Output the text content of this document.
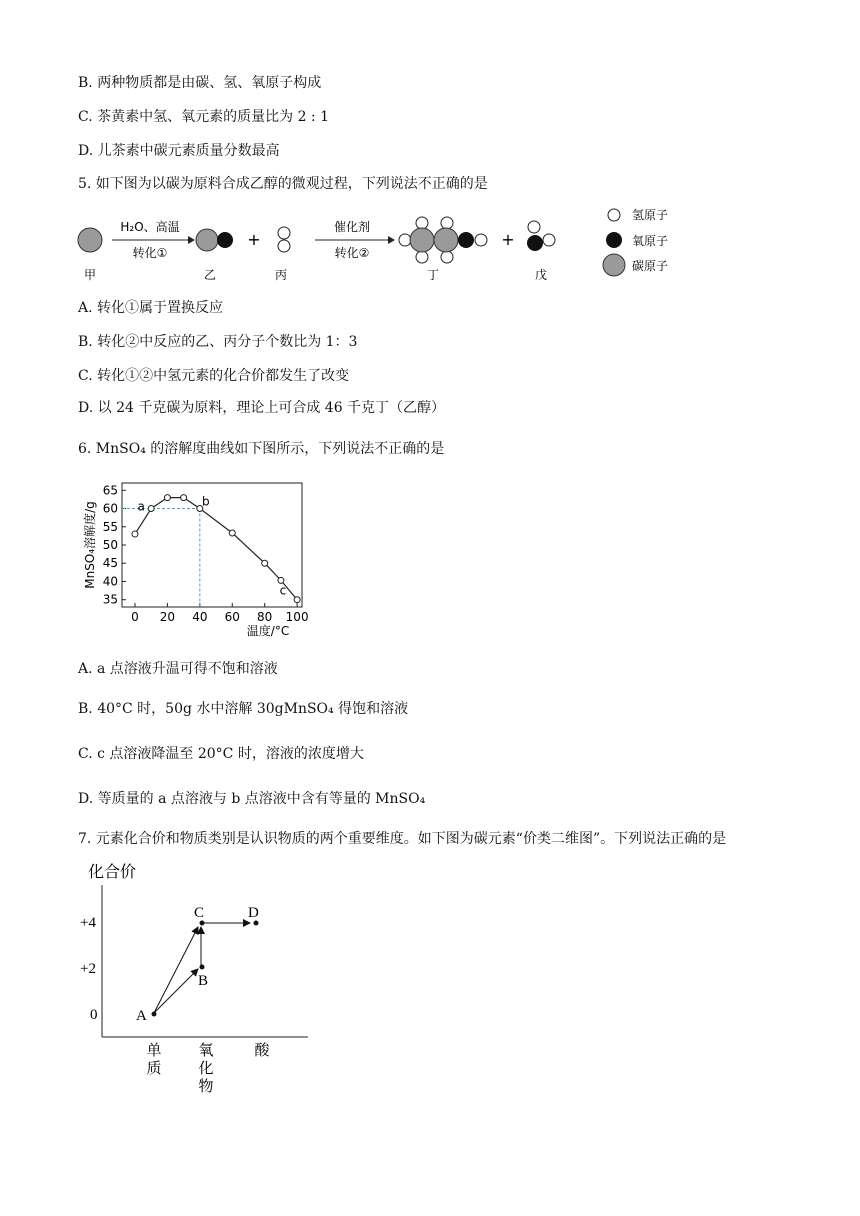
B. 两种物质都是由碳、氢、氧原子构成
C. 茶黄素中氢、氧元素的质量比为 2 : 1
D. 儿茶素中碳元素质量分数最高
5. 如下图为以碳为原料合成乙醇的微观过程，下列说法不正确的是
H₂O、高温
转化①
+
催化剂
转化②
+
甲	乙	丙	丁	戊
氢原子
氧原子
碳原子
A. 转化①属于置换反应
B. 转化②中反应的乙、丙分子个数比为 1：3
C. 转化①②中氢元素的化合价都发生了改变
D. 以 24 千克碳为原料，理论上可合成 46 千克丁（乙醇）
6. MnSO₄ 的溶解度曲线如下图所示，下列说法不正确的是
35
40
45
50
55
60
65
0 20 40 60 80 100
a	b
c
MnSO₄溶解度/g
温度/°C
A. a 点溶液升温可得不饱和溶液
B. 40°C 时，50g 水中溶解 30gMnSO₄ 得饱和溶液
C. c 点溶液降温至 20°C 时，溶液的浓度增大
D. 等质量的 a 点溶液与 b 点溶液中含有等量的 MnSO₄
7. 元素化合价和物质类别是认识物质的两个重要维度。如下图为碳元素“价类二维图”。下列说法正确的是
化合价
+4
+2
0	A
B
C	D
单
质
氧
化
物
酸
